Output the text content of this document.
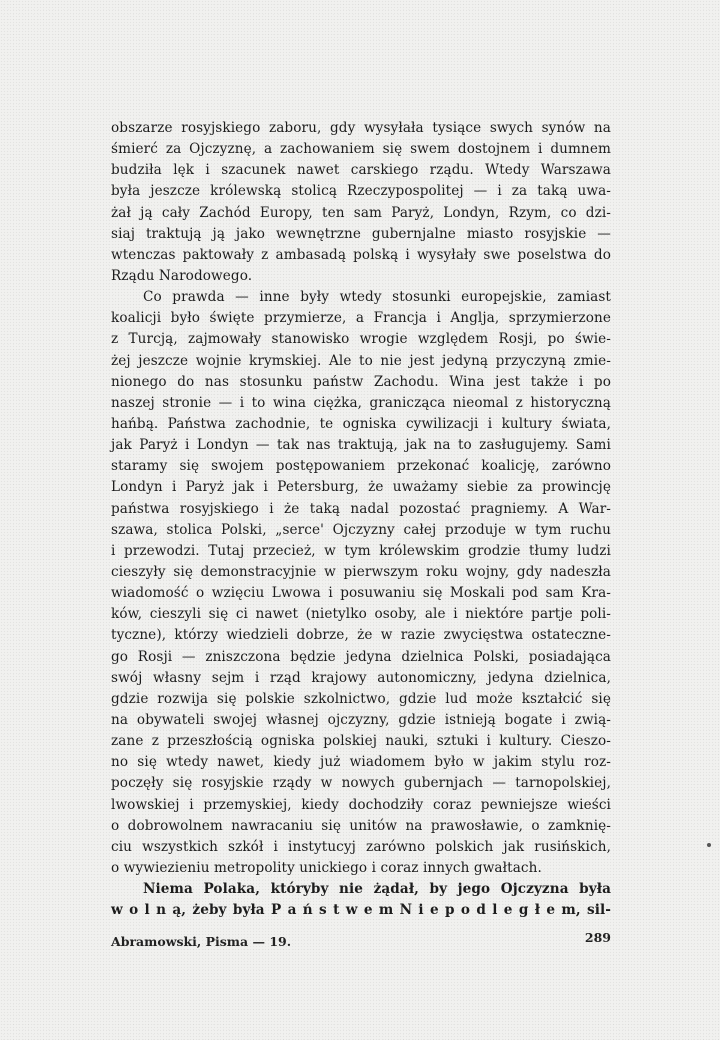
obszarze rosyjskiego zaboru, gdy wysyłała tysiące swych synów na
śmierć za Ojczyznę, a zachowaniem się swem dostojnem i dumnem
budziła lęk i szacunek nawet carskiego rządu. Wtedy Warszawa
była jeszcze królewską stolicą Rzeczypospolitej — i za taką uwa-
żał ją cały Zachód Europy, ten sam Paryż, Londyn, Rzym, co dzi-
siaj traktują ją jako wewnętrzne gubernjalne miasto rosyjskie —
wtenczas paktowały z ambasadą polską i wysyłały swe poselstwa do
Rządu Narodowego.
Co prawda — inne były wtedy stosunki europejskie, zamiast
koalicji było święte przymierze, a Francja i Anglja, sprzymierzone
z Turcją, zajmowały stanowisko wrogie względem Rosji, po świe-
żej jeszcze wojnie krymskiej. Ale to nie jest jedyną przyczyną zmie-
nionego do nas stosunku państw Zachodu. Wina jest także i po
naszej stronie — i to wina ciężka, granicząca nieomal z historyczną
hańbą. Państwa zachodnie, te ogniska cywilizacji i kultury świata,
jak Paryż i Londyn — tak nas traktują, jak na to zasługujemy. Sami
staramy się swojem postępowaniem przekonać koalicję, zarówno
Londyn i Paryż jak i Petersburg, że uważamy siebie za prowincję
państwa rosyjskiego i że taką nadal pozostać pragniemy. A War-
szawa, stolica Polski, „serce' Ojczyzny całej przoduje w tym ruchu
i przewodzi. Tutaj przecież, w tym królewskim grodzie tłumy ludzi
cieszyły się demonstracyjnie w pierwszym roku wojny, gdy nadeszła
wiadomość o wzięciu Lwowa i posuwaniu się Moskali pod sam Kra-
ków, cieszyli się ci nawet (nietylko osoby, ale i niektóre partje poli-
tyczne), którzy wiedzieli dobrze, że w razie zwycięstwa ostateczne-
go Rosji — zniszczona będzie jedyna dzielnica Polski, posiadająca
swój własny sejm i rząd krajowy autonomiczny, jedyna dzielnica,
gdzie rozwija się polskie szkolnictwo, gdzie lud może kształcić się
na obywateli swojej własnej ojczyzny, gdzie istnieją bogate i zwią-
zane z przeszłością ogniska polskiej nauki, sztuki i kultury. Cieszo-
no się wtedy nawet, kiedy już wiadomem było w jakim stylu roz-
poczęły się rosyjskie rządy w nowych gubernjach — tarnopolskiej,
lwowskiej i przemyskiej, kiedy dochodziły coraz pewniejsze wieści
o dobrowolnem nawracaniu się unitów na prawosławie, o zamknię-
ciu wszystkich szkół i instytucyj zarówno polskich jak rusińskich,
o wywiezieniu metropolity unickiego i coraz innych gwałtach.
Niema Polaka, któryby nie żądał, by jego Ojczyzna była
w o l n ą, żeby była P a ń s t w e m N i e p o d l e g ł e m, sil-
Abramowski, Pisma — 19.	289
